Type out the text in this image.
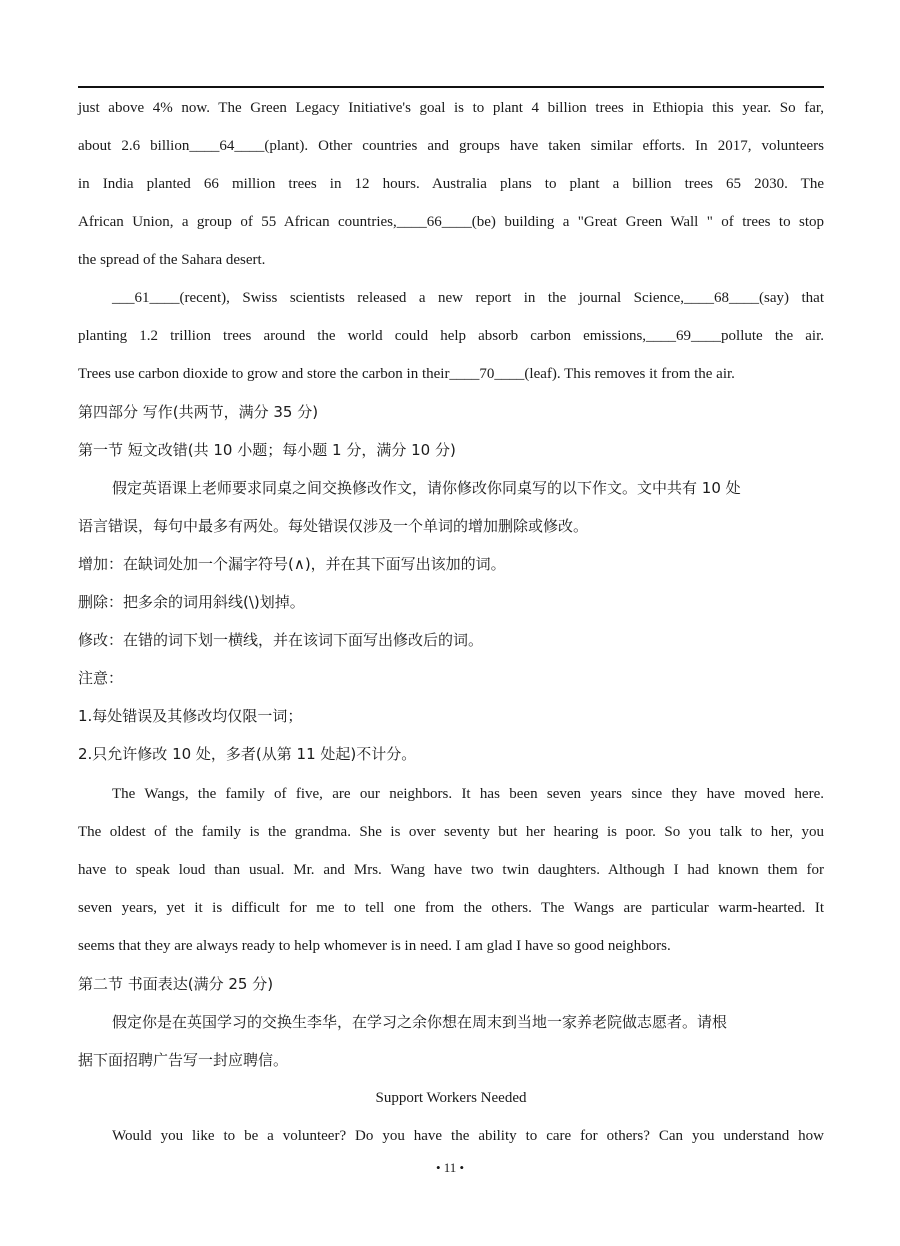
just above 4% now. The Green Legacy Initiative's goal is to plant 4 billion trees in Ethiopia this year. So far,
about 2.6 billion____64____(plant). Other countries and groups have taken similar efforts. In 2017, volunteers
in India planted 66 million trees in 12 hours. Australia plans to plant a billion trees 65 2030. The
African Union, a group of 55 African countries,____66____(be) building a "Great Green Wall " of trees to stop
the spread of the Sahara desert.
___61____(recent), Swiss scientists released a new report in the journal Science,____68____(say) that
planting 1.2 trillion trees around the world could help absorb carbon emissions,____69____pollute the air.
Trees use carbon dioxide to grow and store the carbon in their____70____(leaf). This removes it from the air.
第四部分 写作(共两节，满分 35 分)
第一节 短文改错(共 10 小题；每小题 1 分，满分 10 分)
假定英语课上老师要求同桌之间交换修改作文，请你修改你同桌写的以下作文。文中共有 10 处
语言错误，每句中最多有两处。每处错误仅涉及一个单词的增加删除或修改。
增加：在缺词处加一个漏字符号(∧)，并在其下面写出该加的词。
删除：把多余的词用斜线(\)划掉。
修改：在错的词下划一横线，并在该词下面写出修改后的词。
注意：
1.每处错误及其修改均仅限一词；
2.只允许修改 10 处，多者(从第 11 处起)不计分。
The Wangs, the family of five, are our neighbors. It has been seven years since they have moved here.
The oldest of the family is the grandma. She is over seventy but her hearing is poor. So you talk to her, you
have to speak loud than usual. Mr. and Mrs. Wang have two twin daughters. Although I had known them for
seven years, yet it is difficult for me to tell one from the others. The Wangs are particular warm-hearted. It
seems that they are always ready to help whomever is in need. I am glad I have so good neighbors.
第二节 书面表达(满分 25 分)
假定你是在英国学习的交换生李华，在学习之余你想在周末到当地一家养老院做志愿者。请根
据下面招聘广告写一封应聘信。
Support Workers Needed
Would you like to be a volunteer? Do you have the ability to care for others? Can you understand how
• 11 •
